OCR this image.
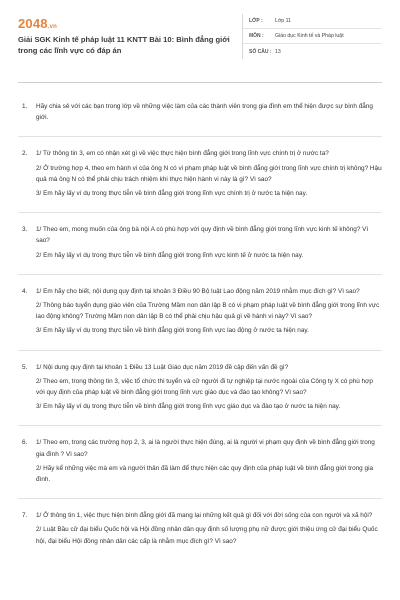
2048.vn
Giải SGK Kinh tế pháp luật 11 KNTT Bài 10: Bình đẳng giới trong các lĩnh vực có đáp án
LỚP :	Lớp 11
MÔN :	Giáo dục Kinh tế và Pháp luật
SỐ CÂU : 13
1.	Hãy chia sẻ với các bạn trong lớp về những việc làm của các thành viên trong gia đình em thể hiện được sự bình đẳng giới.
2.	1/ Từ thông tin 3, em có nhận xét gì về việc thực hiện bình đẳng giới trong lĩnh vực chính trị ở nước ta?
2/ Ở trường hợp 4, theo em hành vi của ông N có vi phạm pháp luật về bình đẳng giới trong lĩnh vực chính trị không? Hậu quả mà ông N có thể phải chịu trách nhiệm khi thực hiện hành vi này là gì? Vì sao?
3/ Em hãy lấy ví dụ trong thực tiễn về bình đẳng giới trong lĩnh vực chính trị ở nước ta hiện nay.
3.	1/ Theo em, mong muốn của ông bà nội A có phù hợp với quy định về bình đẳng giới trong lĩnh vực kinh tế không? Vì sao?
2/ Em hãy lấy ví dụ trong thực tiễn về bình đẳng giới trong lĩnh vực kinh tế ở nước ta hiện nay.
4.	1/ Em hãy cho biết, nội dung quy định tại khoản 3 Điều 90 Bộ luật Lao động năm 2019 nhằm mục đích gì? Vì sao?
2/ Thông báo tuyển dụng giáo viên của Trường Mầm non dân lập B có vi phạm pháp luật về bình đẳng giới trong lĩnh vực lao động không? Trường Mầm non dân lập B có thể phải chịu hậu quả gì về hành vi này? Vì sao?
3/ Em hãy lấy ví dụ trong thực tiễn về bình đẳng giới trong lĩnh vực lao động ở nước ta hiện nay.
5.	1/ Nội dung quy định tại khoản 1 Điều 13 Luật Giáo dục năm 2019 đề cập đến vấn đề gì?
2/ Theo em, trong thông tin 3, việc tổ chức thi tuyển và cử người đi tự nghiệp tại nước ngoài của Công ty X có phù hợp với quy định của pháp luật về bình đẳng giới trong lĩnh vực giáo dục và đào tạo không? Vì sao?
3/ Em hãy lấy ví dụ trong thực tiễn về bình đẳng giới trong lĩnh vực giáo dục và đào tạo ở nước ta hiện nay.
6.	1/ Theo em, trong các trường hợp 2, 3, ai là người thực hiện đúng, ai là người vi phạm quy định về bình đẳng giới trong gia đình ? Vì sao?
2/ Hãy kể những việc mà em và người thân đã làm để thực hiện các quy định của pháp luật về bình đẳng giới trong gia đình.
7.	1/ Ở thông tin 1, việc thực hiện bình đẳng giới đã mang lại những kết quả gì đối với đời sống của con người và xã hội?
2/ Luật Bầu cử đại biểu Quốc hội và Hội đồng nhân dân quy định số lượng phụ nữ được giới thiệu ứng cử đại biểu Quốc hội, đại biểu Hội đồng nhân dân các cấp là nhằm mục đích gì? Vì sao?
